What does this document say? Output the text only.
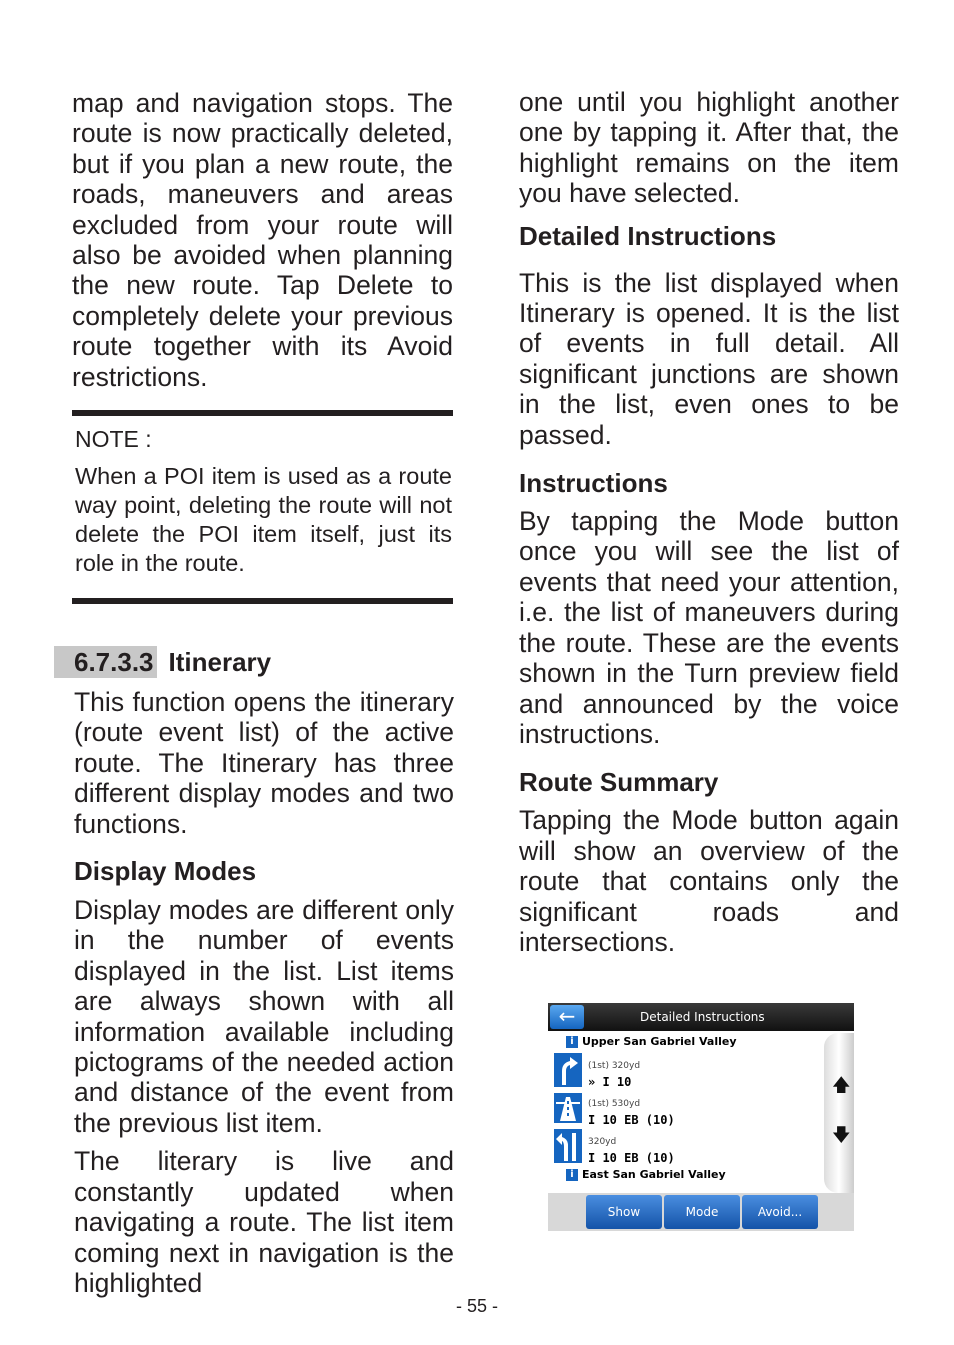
map and navigation stops. The route is now practically deleted, but if you plan a new route, the roads, maneuvers and areas excluded from your route will also be avoided when planning the new route. Tap Delete to completely delete your previous route together with its Avoid restrictions.

NOTE :

When a POI item is used as a route way point, deleting the route will not delete the POI item itself, just its role in the route.

6.7.3.3 Itinerary

This function opens the itinerary (route event list) of the active route. The Itinerary has three different display modes and two functions.

Display Modes

Display modes are different only in the number of events displayed in the list. List items are always shown with all information available including pictograms of the needed action and distance of the event from the previous list item.

The literary is live and constantly updated when navigating a route. The list item coming next in navigation is the highlighted

one until you highlight another one by tapping it. After that, the highlight remains on the item you have selected.

Detailed Instructions

This is the list displayed when Itinerary is opened. It is the list of events in full detail. All significant junctions are shown in the list, even ones to be passed.

Instructions

By tapping the Mode button once you will see the list of events that need your attention, i.e. the list of maneuvers during the route. These are the events shown in the Turn preview field and announced by the voice instructions.

Route Summary

Tapping the Mode button again will show an overview of the route that contains only the significant roads and intersections.

←	Detailed Instructions
i Upper San Gabriel Valley
(1st) 320yd
» I 10
(1st) 530yd
I 10 EB (10)
320yd
I 10 EB (10)
i East San Gabriel Valley
🡅
🡇
Show	Mode	Avoid...
- 55 -
